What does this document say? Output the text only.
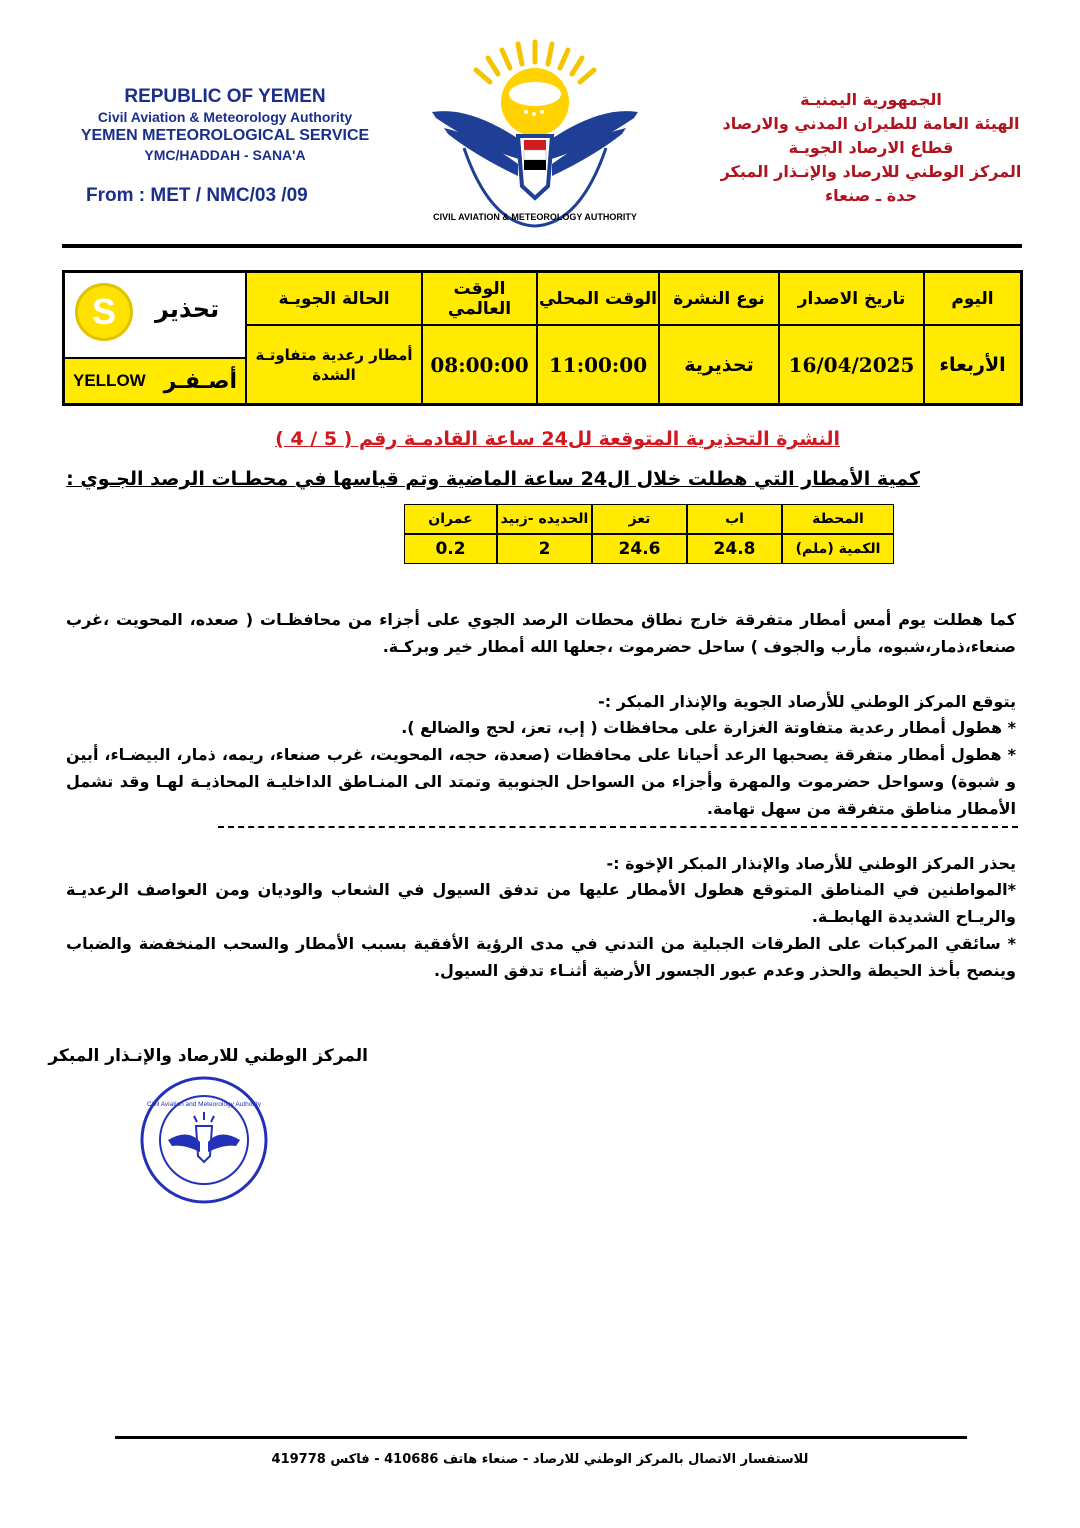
REPUBLIC OF YEMEN
Civil Aviation & Meteorology Authority
YEMEN METEOROLOGICAL SERVICE
YMC/HADDAH - SANA'A
From : MET / NMC/03 /09
الجمهورية اليمنيـة
الهيئة العامة للطيران المدني والارصاد
قطاع الارصاد الجويـة
المركز الوطني للارصاد والإنـذار المبكر
حدة ـ صنعاء
CIVIL AVIATION & METEOROLOGY AUTHORITY
اليوم
تاريخ الاصدار
نوع النشرة
الوقت المحلي
الوقت العالمي
الحالة الجويـة
الأربعاء
16/04/2025
تحذيرية
11:00:00
08:00:00
أمطار رعدية متفاوتـة الشدة
S	تحذير
YELLOW أصـفـر
النشرة التحذيرية المتوقعة لل24 ساعة القادمـة رقم ( 5 / 4 )
كمية الأمطار التي هطلت خلال ال24 ساعة الماضية وتم قياسها في محطـات الرصد الجـوي :
المحطة
اب
تعز
الحديده -زبيد
عمران
الكمية (ملم)
24.8
24.6
2
0.2
كما هطلت يوم أمس أمطار متفرقة خارج نطاق محطات الرصد الجوي على أجزاء من محافظـات ( صعده، المحويت ،غرب صنعاء،ذمار،شبوه، مأرب والجوف ) ساحل حضرموت ،جعلها الله أمطار خير وبركـة.
يتوقع المركز الوطني للأرصاد الجوية والإنذار المبكر :-
* هطول أمطار رعدية متفاوتة الغزارة على محافظات ( إب، تعز، لحج والضالع ).
* هطول أمطار متفرقة يصحبها الرعد أحيانا على محافظات (صعدة، حجه، المحويت، غرب صنعاء، ريمه، ذمار، البيضـاء، أبين و شبوة) وسواحل حضرموت والمهرة وأجزاء من السواحل الجنوبية وتمتد الى المنـاطق الداخليـة المحاذيـة لهـا وقد تشمل الأمطار مناطق متفرقة من سهل تهامة.
يحذر المركز الوطني للأرصاد والإنذار المبكر الإخوة :-
*المواطنين في المناطق المتوقع هطول الأمطار عليها من تدفق السيول في الشعاب والوديان ومن العواصف الرعديـة والريـاح الشديدة الهابطـة.
* سائقي المركبات على الطرقات الجبلية من التدني في مدى الرؤية الأفقية بسبب الأمطار والسحب المنخفضة والضباب وينصح بأخذ الحيطة والحذر وعدم عبور الجسور الأرضية أثنـاء تدفق السيول.
المركز الوطني للارصاد والإنـذار المبكر
Civil Aviation and Meteorology Authority
للاستفسار الاتصال بالمركز الوطني للارصاد - صنعاء هاتف 410686 - فاكس 419778
